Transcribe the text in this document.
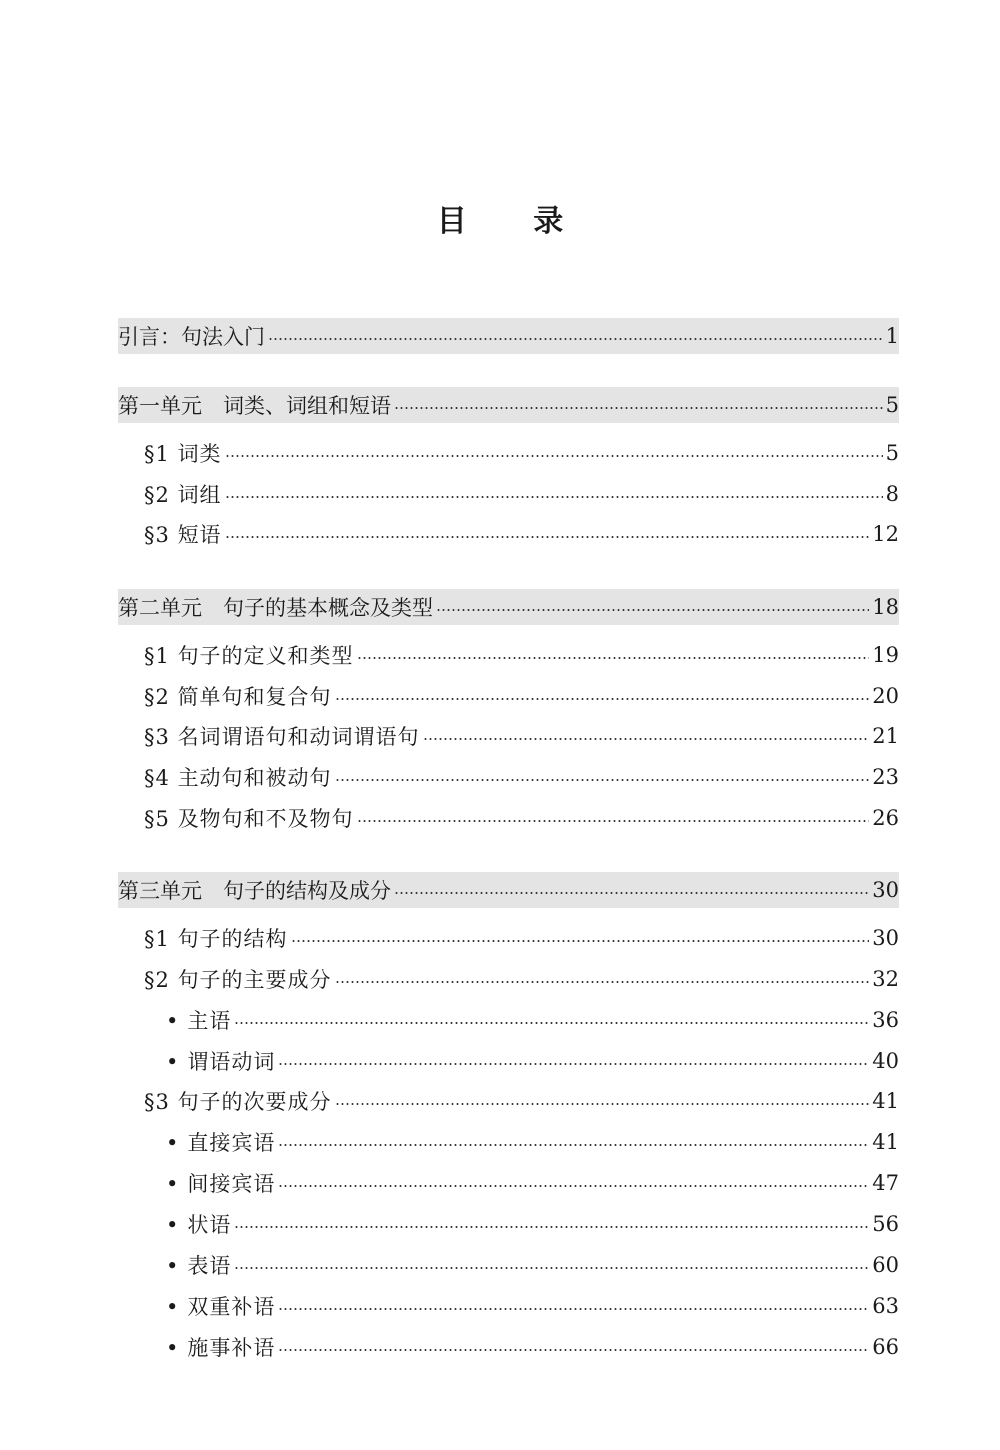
目 录
引言：句法入门	1
第一单元　词类、词组和短语	5
§1 词类	5
§2 词组	8
§3 短语	12
第二单元　句子的基本概念及类型	18
§1 句子的定义和类型	19
§2 简单句和复合句	20
§3 名词谓语句和动词谓语句	21
§4 主动句和被动句	23
§5 及物句和不及物句	26
第三单元　句子的结构及成分	30
§1 句子的结构	30
§2 句子的主要成分	32
• 主语	36
• 谓语动词	40
§3 句子的次要成分	41
• 直接宾语	41
• 间接宾语	47
• 状语	56
• 表语	60
• 双重补语	63
• 施事补语	66
